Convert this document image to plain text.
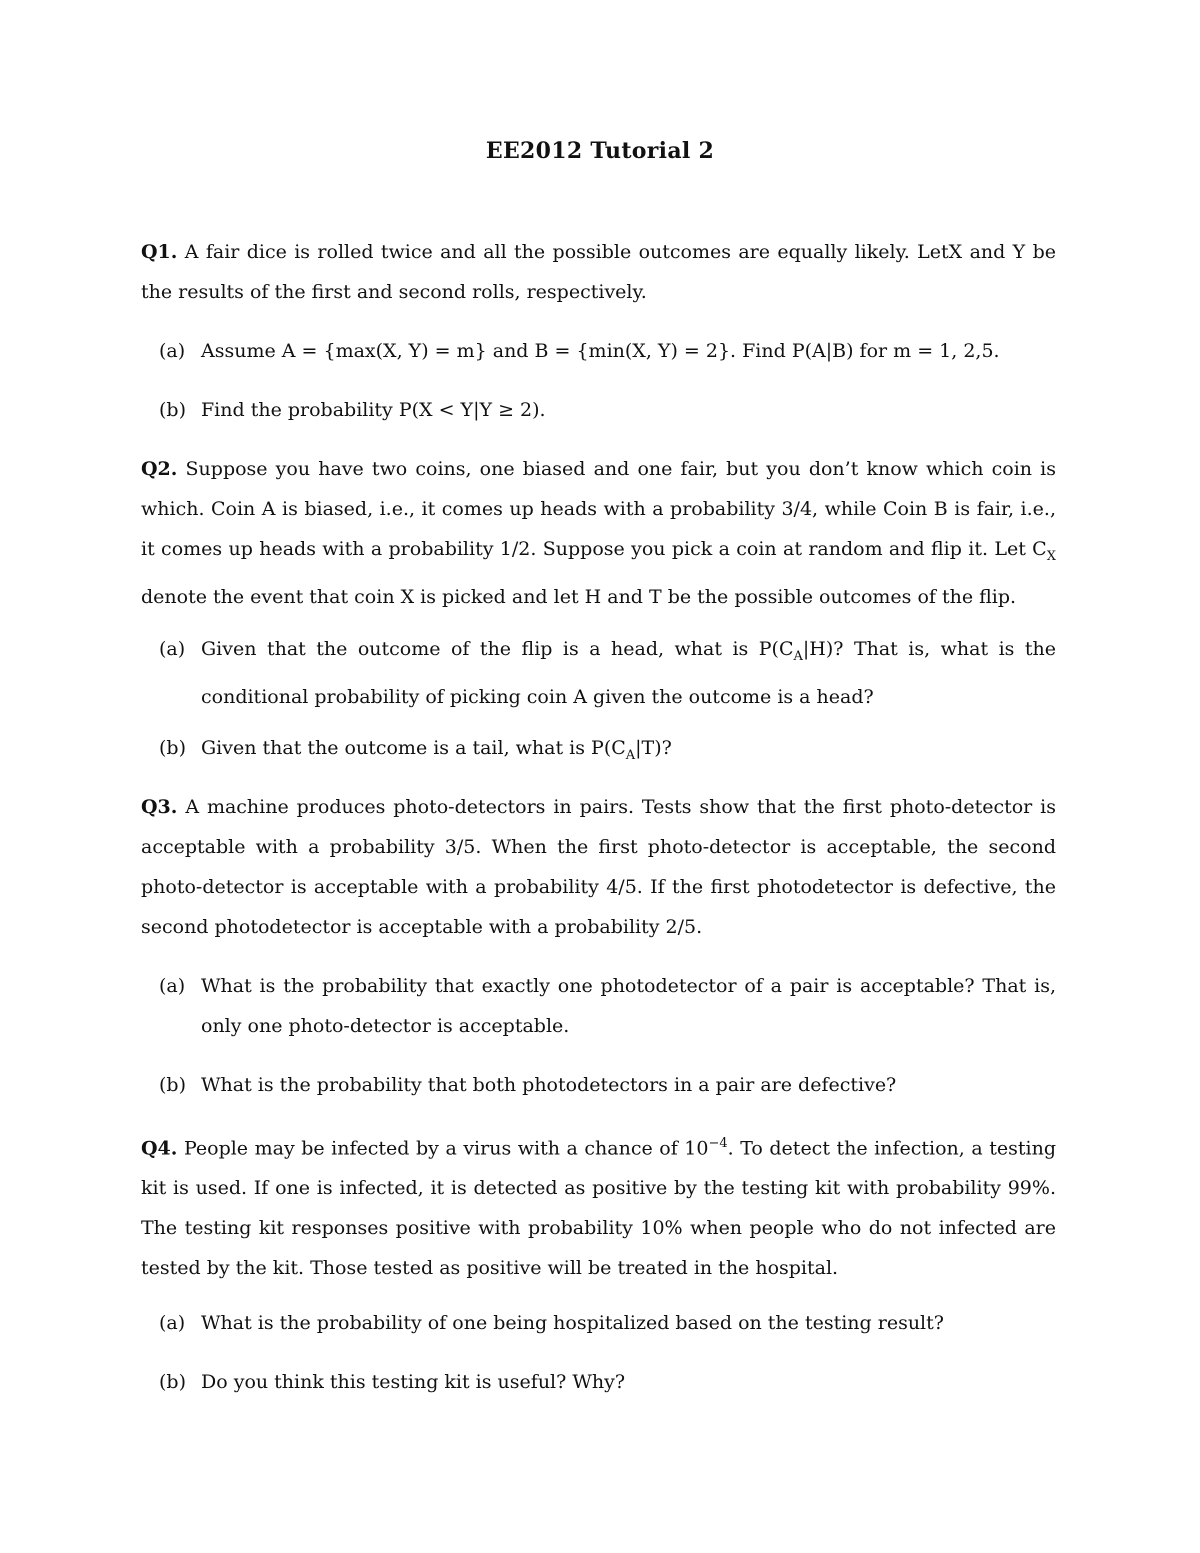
EE2012 Tutorial 2
Q1. A fair dice is rolled twice and all the possible outcomes are equally likely. LetX and Y be the results of the first and second rolls, respectively.
(a) Assume A = {max(X, Y) = m} and B = {min(X, Y) = 2}. Find P(A|B) for m = 1, 2,5.
(b) Find the probability P(X < Y|Y ≥ 2).
Q2. Suppose you have two coins, one biased and one fair, but you don’t know which coin is which. Coin A is biased, i.e., it comes up heads with a probability 3/4, while Coin B is fair, i.e., it comes up heads with a probability 1/2. Suppose you pick a coin at random and flip it. Let $C_X$ denote the event that coin X is picked and let H and T be the possible outcomes of the flip.
(a) Given that the outcome of the flip is a head, what is $P(C_A|H)$? That is, what is the conditional probability of picking coin A given the outcome is a head?
(b) Given that the outcome is a tail, what is $P(C_A|T)$?
Q3. A machine produces photo-detectors in pairs. Tests show that the first photo-detector is acceptable with a probability 3/5. When the first photo-detector is acceptable, the second photo-detector is acceptable with a probability 4/5. If the first photodetector is defective, the second photodetector is acceptable with a probability 2/5.
(a) What is the probability that exactly one photodetector of a pair is acceptable? That is, only one photo-detector is acceptable.
(b) What is the probability that both photodetectors in a pair are defective?
Q4. People may be infected by a virus with a chance of $10^{-4}$. To detect the infection, a testing kit is used. If one is infected, it is detected as positive by the testing kit with probability 99%. The testing kit responses positive with probability 10% when people who do not infected are tested by the kit. Those tested as positive will be treated in the hospital.
(a) What is the probability of one being hospitalized based on the testing result?
(b) Do you think this testing kit is useful? Why?
